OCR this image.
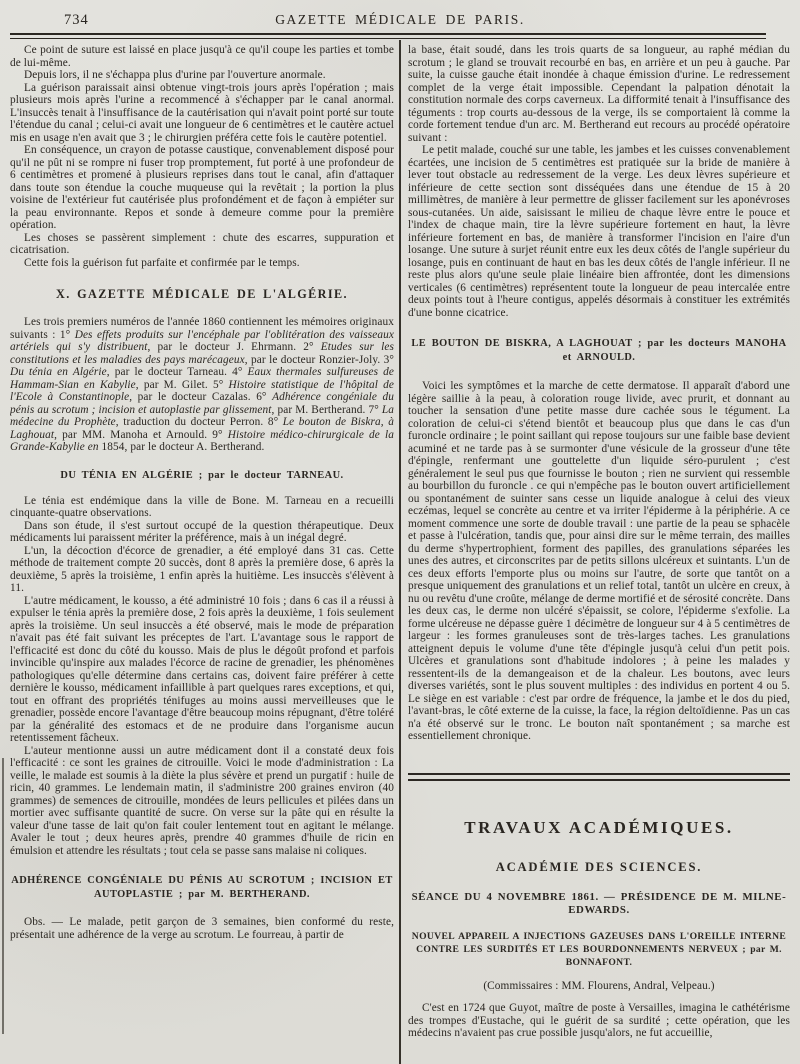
734	GAZETTE MÉDICALE DE PARIS.

Ce point de suture est laissé en place jusqu'à ce qu'il coupe les parties et tombe de lui-même.

Depuis lors, il ne s'échappa plus d'urine par l'ouverture anormale.

La guérison paraissait ainsi obtenue vingt-trois jours après l'opération ; mais plusieurs mois après l'urine a recommencé à s'échapper par le canal anormal. L'insuccès tenait à l'insuffisance de la cautérisation qui n'avait point porté sur toute l'étendue du canal ; celui-ci avait une longueur de 6 centimètres et le cautère actuel mis en usage n'en avait que 3 ; le chirurgien préféra cette fois le cautère potentiel.

En conséquence, un crayon de potasse caustique, convenablement disposé pour qu'il ne pût ni se rompre ni fuser trop promptement, fut porté à une profondeur de 6 centimètres et promené à plusieurs reprises dans tout le canal, afin d'attaquer dans toute son étendue la couche muqueuse qui la revêtait ; la portion la plus voisine de l'extérieur fut cautérisée plus profondément et de façon à empiéter sur la peau environnante. Repos et sonde à demeure comme pour la première opération.

Les choses se passèrent simplement : chute des escarres, suppuration et cicatrisation.

Cette fois la guérison fut parfaite et confirmée par le temps.

X. GAZETTE MÉDICALE DE L'ALGÉRIE.

Les trois premiers numéros de l'année 1860 contiennent les mémoires originaux suivants : 1° Des effets produits sur l'encéphale par l'oblitération des vaisseaux artériels qui s'y distribuent, par le docteur J. Ehrmann. 2° Etudes sur les constitutions et les maladies des pays marécageux, par le docteur Ronzier-Joly. 3° Du ténia en Algérie, par le docteur Tarneau. 4° Eaux thermales sulfureuses de Hammam-Sian en Kabylie, par M. Gilet. 5° Histoire statistique de l'hôpital de l'Ecole à Constantinople, par le docteur Cazalas. 6° Adhérence congéniale du pénis au scrotum ; incision et autoplastie par glissement, par M. Bertherand. 7° La médecine du Prophète, traduction du docteur Perron. 8° Le bouton de Biskra, à Laghouat, par MM. Manoha et Arnould. 9° Histoire médico-chirurgicale de la Grande-Kabylie en 1854, par le docteur A. Bertherand.

DU TÉNIA EN ALGÉRIE ; par le docteur TARNEAU.

Le ténia est endémique dans la ville de Bone. M. Tarneau en a recueilli cinquante-quatre observations.

Dans son étude, il s'est surtout occupé de la question thérapeutique. Deux médicaments lui paraissent mériter la préférence, mais à un inégal degré.

L'un, la décoction d'écorce de grenadier, a été employé dans 31 cas. Cette méthode de traitement compte 20 succès, dont 8 après la première dose, 6 après la deuxième, 5 après la troisième, 1 enfin après la huitième. Les insuccès s'élèvent à 11.

L'autre médicament, le kousso, a été administré 10 fois ; dans 6 cas il a réussi à expulser le ténia après la première dose, 2 fois après la deuxième, 1 fois seulement après la troisième. Un seul insuccès a été observé, mais le mode de préparation n'avait pas été fait suivant les préceptes de l'art. L'avantage sous le rapport de l'efficacité est donc du côté du kousso. Mais de plus le dégoût profond et parfois invincible qu'inspire aux malades l'écorce de racine de grenadier, les phénomènes pathologiques qu'elle détermine dans certains cas, doivent faire préférer à cette dernière le kousso, médicament infaillible à part quelques rares exceptions, et qui, tout en offrant des propriétés ténifuges au moins aussi merveilleuses que le grenadier, possède encore l'avantage d'être beaucoup moins répugnant, d'être toléré par la généralité des estomacs et de ne produire dans l'organisme aucun retentissement fâcheux.

L'auteur mentionne aussi un autre médicament dont il a constaté deux fois l'efficacité : ce sont les graines de citrouille. Voici le mode d'administration : La veille, le malade est soumis à la diète la plus sévère et prend un purgatif : huile de ricin, 40 grammes. Le lendemain matin, il s'administre 200 graines environ (40 grammes) de semences de citrouille, mondées de leurs pellicules et pilées dans un mortier avec suffisante quantité de sucre. On verse sur la pâte qui en résulte la valeur d'une tasse de lait qu'on fait couler lentement tout en agitant le mélange. Avaler le tout ; deux heures après, prendre 40 grammes d'huile de ricin en émulsion et attendre les résultats ; tout cela se passe sans malaise ni coliques.

ADHÉRENCE CONGÉNIALE DU PÉNIS AU SCROTUM ; INCISION ET AUTOPLASTIE ; par M. BERTHERAND.

Obs. — Le malade, petit garçon de 3 semaines, bien conformé du reste, présentait une adhérence de la verge au scrotum. Le fourreau, à partir de

la base, était soudé, dans les trois quarts de sa longueur, au raphé médian du scrotum ; le gland se trouvait recourbé en bas, en arrière et un peu à gauche. Par suite, la cuisse gauche était inondée à chaque émission d'urine. Le redressement complet de la verge était impossible. Cependant la palpation dénotait la constitution normale des corps caverneux. La difformité tenait à l'insuffisance des téguments : trop courts au-dessous de la verge, ils se comportaient là comme la corde fortement tendue d'un arc. M. Bertherand eut recours au procédé opératoire suivant :

Le petit malade, couché sur une table, les jambes et les cuisses convenablement écartées, une incision de 5 centimètres est pratiquée sur la bride de manière à lever tout obstacle au redressement de la verge. Les deux lèvres supérieure et inférieure de cette section sont disséquées dans une étendue de 15 à 20 millimètres, de manière à leur permettre de glisser facilement sur les aponévroses sous-cutanées. Un aide, saisissant le milieu de chaque lèvre entre le pouce et l'index de chaque main, tire la lèvre supérieure fortement en haut, la lèvre inférieure fortement en bas, de manière à transformer l'incision en l'aire d'un losange. Une suture à surjet réunit entre eux les deux côtés de l'angle supérieur du losange, puis en continuant de haut en bas les deux côtés de l'angle inférieur. Il ne reste plus alors qu'une seule plaie linéaire bien affrontée, dont les dimensions verticales (6 centimètres) représentent toute la longueur de peau intercalée entre deux points tout à l'heure contigus, appelés désormais à constituer les extrémités d'une bonne cicatrice.

LE BOUTON DE BISKRA, A LAGHOUAT ; par les docteurs MANOHA et ARNOULD.

Voici les symptômes et la marche de cette dermatose. Il apparaît d'abord une légère saillie à la peau, à coloration rouge livide, avec prurit, et donnant au toucher la sensation d'une petite masse dure cachée sous le tégument. La coloration de celui-ci s'étend bientôt et beaucoup plus que dans le cas d'un furoncle ordinaire ; le point saillant qui repose toujours sur une faible base devient acuminé et ne tarde pas à se surmonter d'une vésicule de la grosseur d'une tête d'épingle, renfermant une gouttelette d'un liquide séro-purulent ; c'est généralement le seul pus que fournisse le bouton ; rien ne survient qui ressemble au bourbillon du furoncle . ce qui n'empêche pas le bouton ouvert artificiellement ou spontanément de suinter sans cesse un liquide analogue à celui des vieux eczémas, lequel se concrète au centre et va irriter l'épiderme à la périphérie. A ce moment commence une sorte de double travail : une partie de la peau se sphacèle et passe à l'ulcération, tandis que, pour ainsi dire sur le même terrain, des mailles du derme s'hypertrophient, forment des papilles, des granulations séparées les unes des autres, et circonscrites par de petits sillons ulcéreux et suintants. L'un de ces deux efforts l'emporte plus ou moins sur l'autre, de sorte que tantôt on a presque uniquement des granulations et un relief total, tantôt un ulcère en creux, à nu ou revêtu d'une croûte, mélange de derme mortifié et de sérosité concrète. Dans les deux cas, le derme non ulcéré s'épaissit, se colore, l'épiderme s'exfolie. La forme ulcéreuse ne dépasse guère 1 décimètre de longueur sur 4 à 5 centimètres de largeur : les formes granuleuses sont de très-larges taches. Les granulations atteignent depuis le volume d'une tête d'épingle jusqu'à celui d'un petit pois. Ulcères et granulations sont d'habitude indolores ; à peine les malades y ressentent-ils de la demangeaison et de la chaleur. Les boutons, avec leurs diverses variétés, sont le plus souvent multiples : des individus en portent 4 ou 5. Le siège en est variable : c'est par ordre de fréquence, la jambe et le dos du pied, l'avant-bras, le côté externe de la cuisse, la face, la région deltoïdienne. Pas un cas n'a été observé sur le tronc. Le bouton naît spontanément ; sa marche est essentiellement chronique.

TRAVAUX ACADÉMIQUES.
ACADÉMIE DES SCIENCES.
SÉANCE DU 4 NOVEMBRE 1861. — PRÉSIDENCE DE M. MILNE-EDWARDS.
NOUVEL APPAREIL A INJECTIONS GAZEUSES DANS L'OREILLE INTERNE CONTRE LES SURDITÉS ET LES BOURDONNEMENTS NERVEUX ; par M. BONNAFONT.

(Commissaires : MM. Flourens, Andral, Velpeau.)

C'est en 1724 que Guyot, maître de poste à Versailles, imagina le cathétérisme des trompes d'Eustache, qui le guérit de sa surdité ; cette opération, que les médecins n'avaient pas crue possible jusqu'alors, ne fut accueillie,
